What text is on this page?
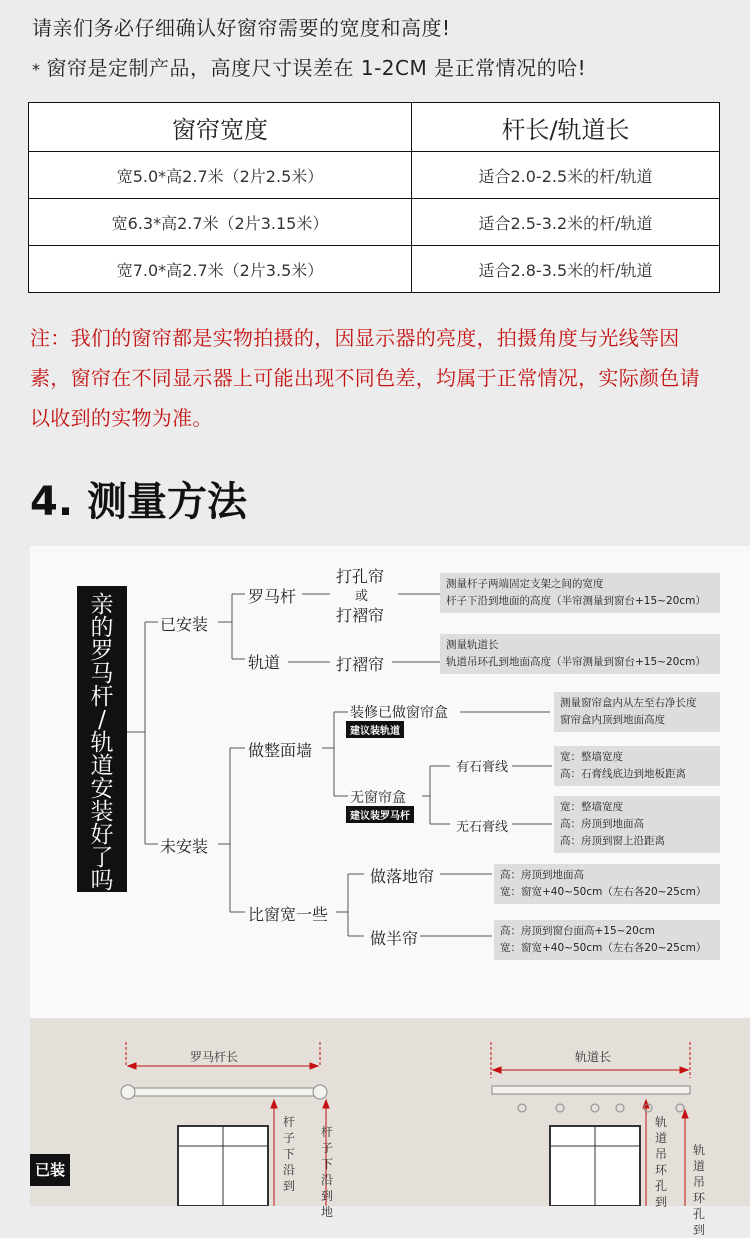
请亲们务必仔细确认好窗帘需要的宽度和高度!
* 窗帘是定制产品，高度尺寸误差在 1-2CM 是正常情况的哈!
窗帘宽度	杆长/轨道长
宽5.0*高2.7米（2片2.5米）	适合2.0-2.5米的杆/轨道
宽6.3*高2.7米（2片3.15米）	适合2.5-3.2米的杆/轨道
宽7.0*高2.7米（2片3.5米）	适合2.8-3.5米的杆/轨道
注：我们的窗帘都是实物拍摄的，因显示器的亮度，拍摄角度与光线等因素，窗帘在不同显示器上可能出现不同色差，均属于正常情况，实际颜色请以收到的实物为准。
4. 测量方法
亲
的
罗
马
杆
/
轨
道
安
装
好
了
吗
已安装
未安装
罗马杆
打孔帘
或
打褶帘
测量杆子两端固定支架之间的宽度
杆子下沿到地面的高度（半帘测量到窗台+15~20cm）
轨道	打褶帘
测量轨道长
轨道吊环孔到地面高度（半帘测量到窗台+15~20cm）
做整面墙
装修已做窗帘盒
建议装轨道
测量窗帘盒内从左至右净长度
窗帘盒内顶到地面高度
无窗帘盒
建议装罗马杆
有石膏线
宽：整墙宽度
高：石膏线底边到地板距离
无石膏线
宽：整墙宽度
高：房顶到地面高
高：房顶到窗上沿距离
比窗宽一些
做落地帘	高：房顶到地面高
宽：窗宽+40~50cm（左右各20~25cm）
做半帘	高：房顶到窗台面高+15~20cm
宽：窗宽+40~50cm（左右各20~25cm）
罗马杆长	轨道长
杆
子
下
沿
到
杆
子
下
沿
到
地
轨
道
吊
环
孔
到
轨
道
吊
环
孔
到
已装
